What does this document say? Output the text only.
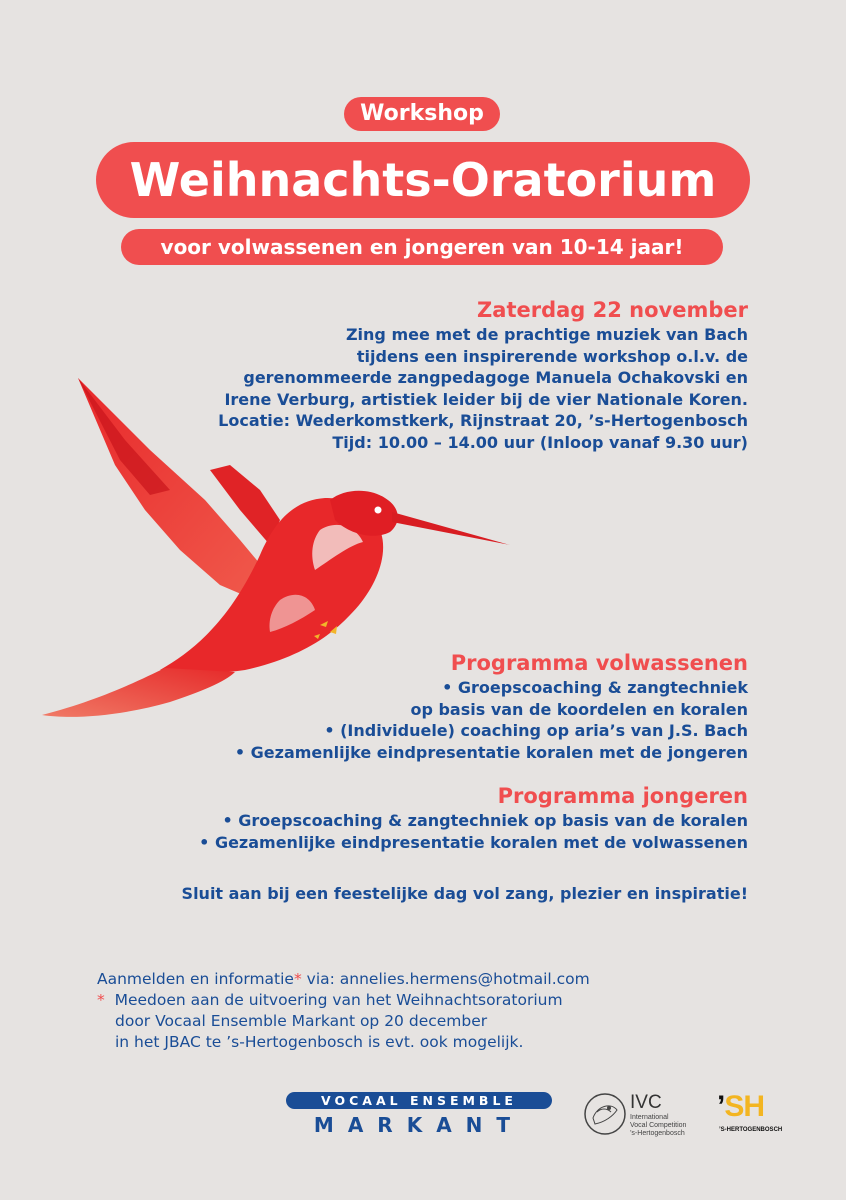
Workshop
Weihnachts-Oratorium
voor volwassenen en jongeren van 10-14 jaar!
Zaterdag 22 november
Zing mee met de prachtige muziek van Bach
tijdens een inspirerende workshop o.l.v. de
gerenommeerde zangpedagoge Manuela Ochakovski en
Irene Verburg, artistiek leider bij de vier Nationale Koren.
Locatie: Wederkomstkerk, Rijnstraat 20, ’s-Hertogenbosch
Tijd: 10.00 – 14.00 uur (Inloop vanaf 9.30 uur)
Programma volwassenen
• Groepscoaching & zangtechniek
op basis van de koordelen en koralen
• (Individuele) coaching op aria’s van J.S. Bach
• Gezamenlijke eindpresentatie koralen met de jongeren
Programma jongeren
• Groepscoaching & zangtechniek op basis van de koralen
• Gezamenlijke eindpresentatie koralen met de volwassenen
Sluit aan bij een feestelijke dag vol zang, plezier en inspiratie!
Aanmelden en informatie* via: annelies.hermens@hotmail.com
* Meedoen aan de uitvoering van het Weihnachtsoratorium
door Vocaal Ensemble Markant op 20 december
in het JBAC te ’s-Hertogenbosch is evt. ook mogelijk.
VOCAAL ENSEMBLE
MARKANT
IVC
International
Vocal Competition
’s-Hertogenbosch
’SH
’S-HERTOGENBOSCH
